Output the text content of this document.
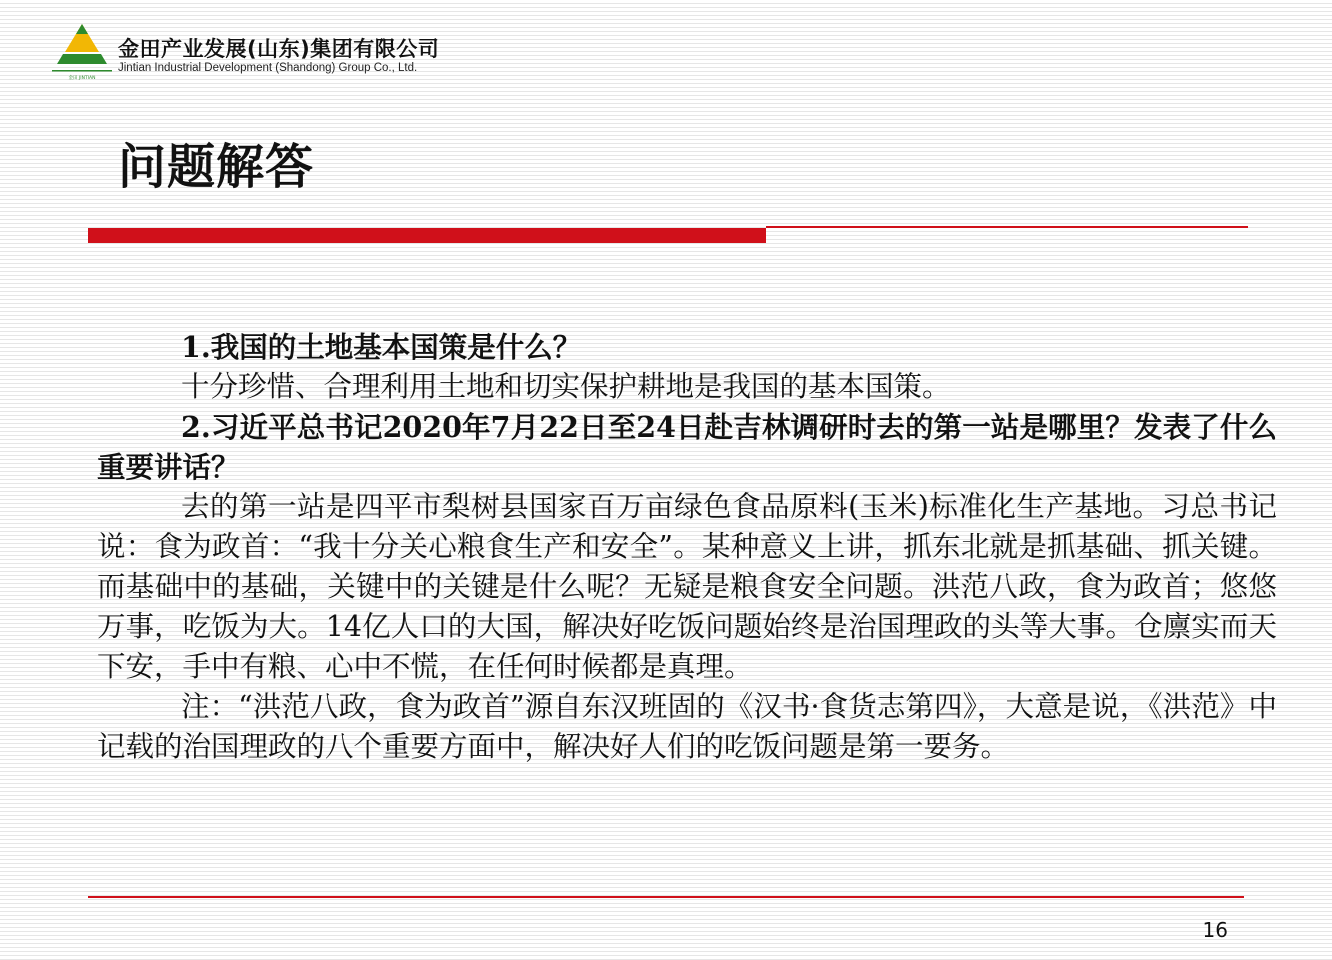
金田 JINTIAN
金田产业发展(山东)集团有限公司
Jintian Industrial Development (Shandong) Group Co., Ltd.
问题解答

1.我国的土地基本国策是什么？

十分珍惜、合理利用土地和切实保护耕地是我国的基本国策。

2.习近平总书记2020年7月22日至24日赴吉林调研时去的第一站是哪里？发表了什么重要讲话？

去的第一站是四平市梨树县国家百万亩绿色食品原料(玉米)标准化生产基地。习总书记说：食为政首：“我十分关心粮食生产和安全”。某种意义上讲，抓东北就是抓基础、抓关键。而基础中的基础，关键中的关键是什么呢？无疑是粮食安全问题。洪范八政，食为政首；悠悠万事，吃饭为大。14亿人口的大国，解决好吃饭问题始终是治国理政的头等大事。仓廪实而天下安，手中有粮、心中不慌，在任何时候都是真理。

注：“洪范八政，食为政首”源自东汉班固的《汉书·食货志第四》，大意是说，《洪范》中记载的治国理政的八个重要方面中，解决好人们的吃饭问题是第一要务。

16
